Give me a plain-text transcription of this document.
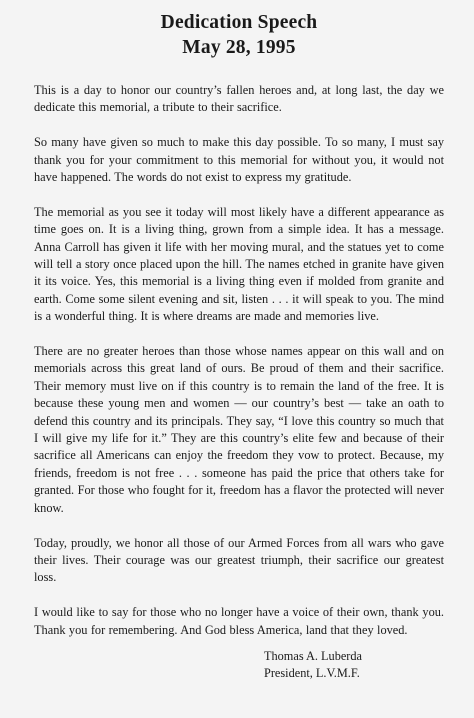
Dedication Speech
May 28, 1995

This is a day to honor our country’s fallen heroes and, at long last, the day we dedicate this memorial, a tribute to their sacrifice.

So many have given so much to make this day possible. To so many, I must say thank you for your commitment to this memorial for without you, it would not have happened. The words do not exist to express my gratitude.

The memorial as you see it today will most likely have a different appearance as time goes on. It is a living thing, grown from a simple idea. It has a message. Anna Carroll has given it life with her moving mural, and the statues yet to come will tell a story once placed upon the hill. The names etched in granite have given it its voice. Yes, this memorial is a living thing even if molded from granite and earth. Come some silent evening and sit, listen . . . it will speak to you. The mind is a wonderful thing. It is where dreams are made and memories live.

There are no greater heroes than those whose names appear on this wall and on memorials across this great land of ours. Be proud of them and their sacrifice. Their memory must live on if this country is to remain the land of the free. It is because these young men and women — our country’s best — take an oath to defend this country and its principals. They say, “I love this country so much that I will give my life for it.” They are this country’s elite few and because of their sacrifice all Americans can enjoy the freedom they vow to protect. Because, my friends, freedom is not free . . . someone has paid the price that others take for granted. For those who fought for it, freedom has a flavor the protected will never know.

Today, proudly, we honor all those of our Armed Forces from all wars who gave their lives. Their courage was our greatest triumph, their sacrifice our greatest loss.

I would like to say for those who no longer have a voice of their own, thank you. Thank you for remembering. And God bless America, land that they loved.

Thomas A. Luberda
President, L.V.M.F.
